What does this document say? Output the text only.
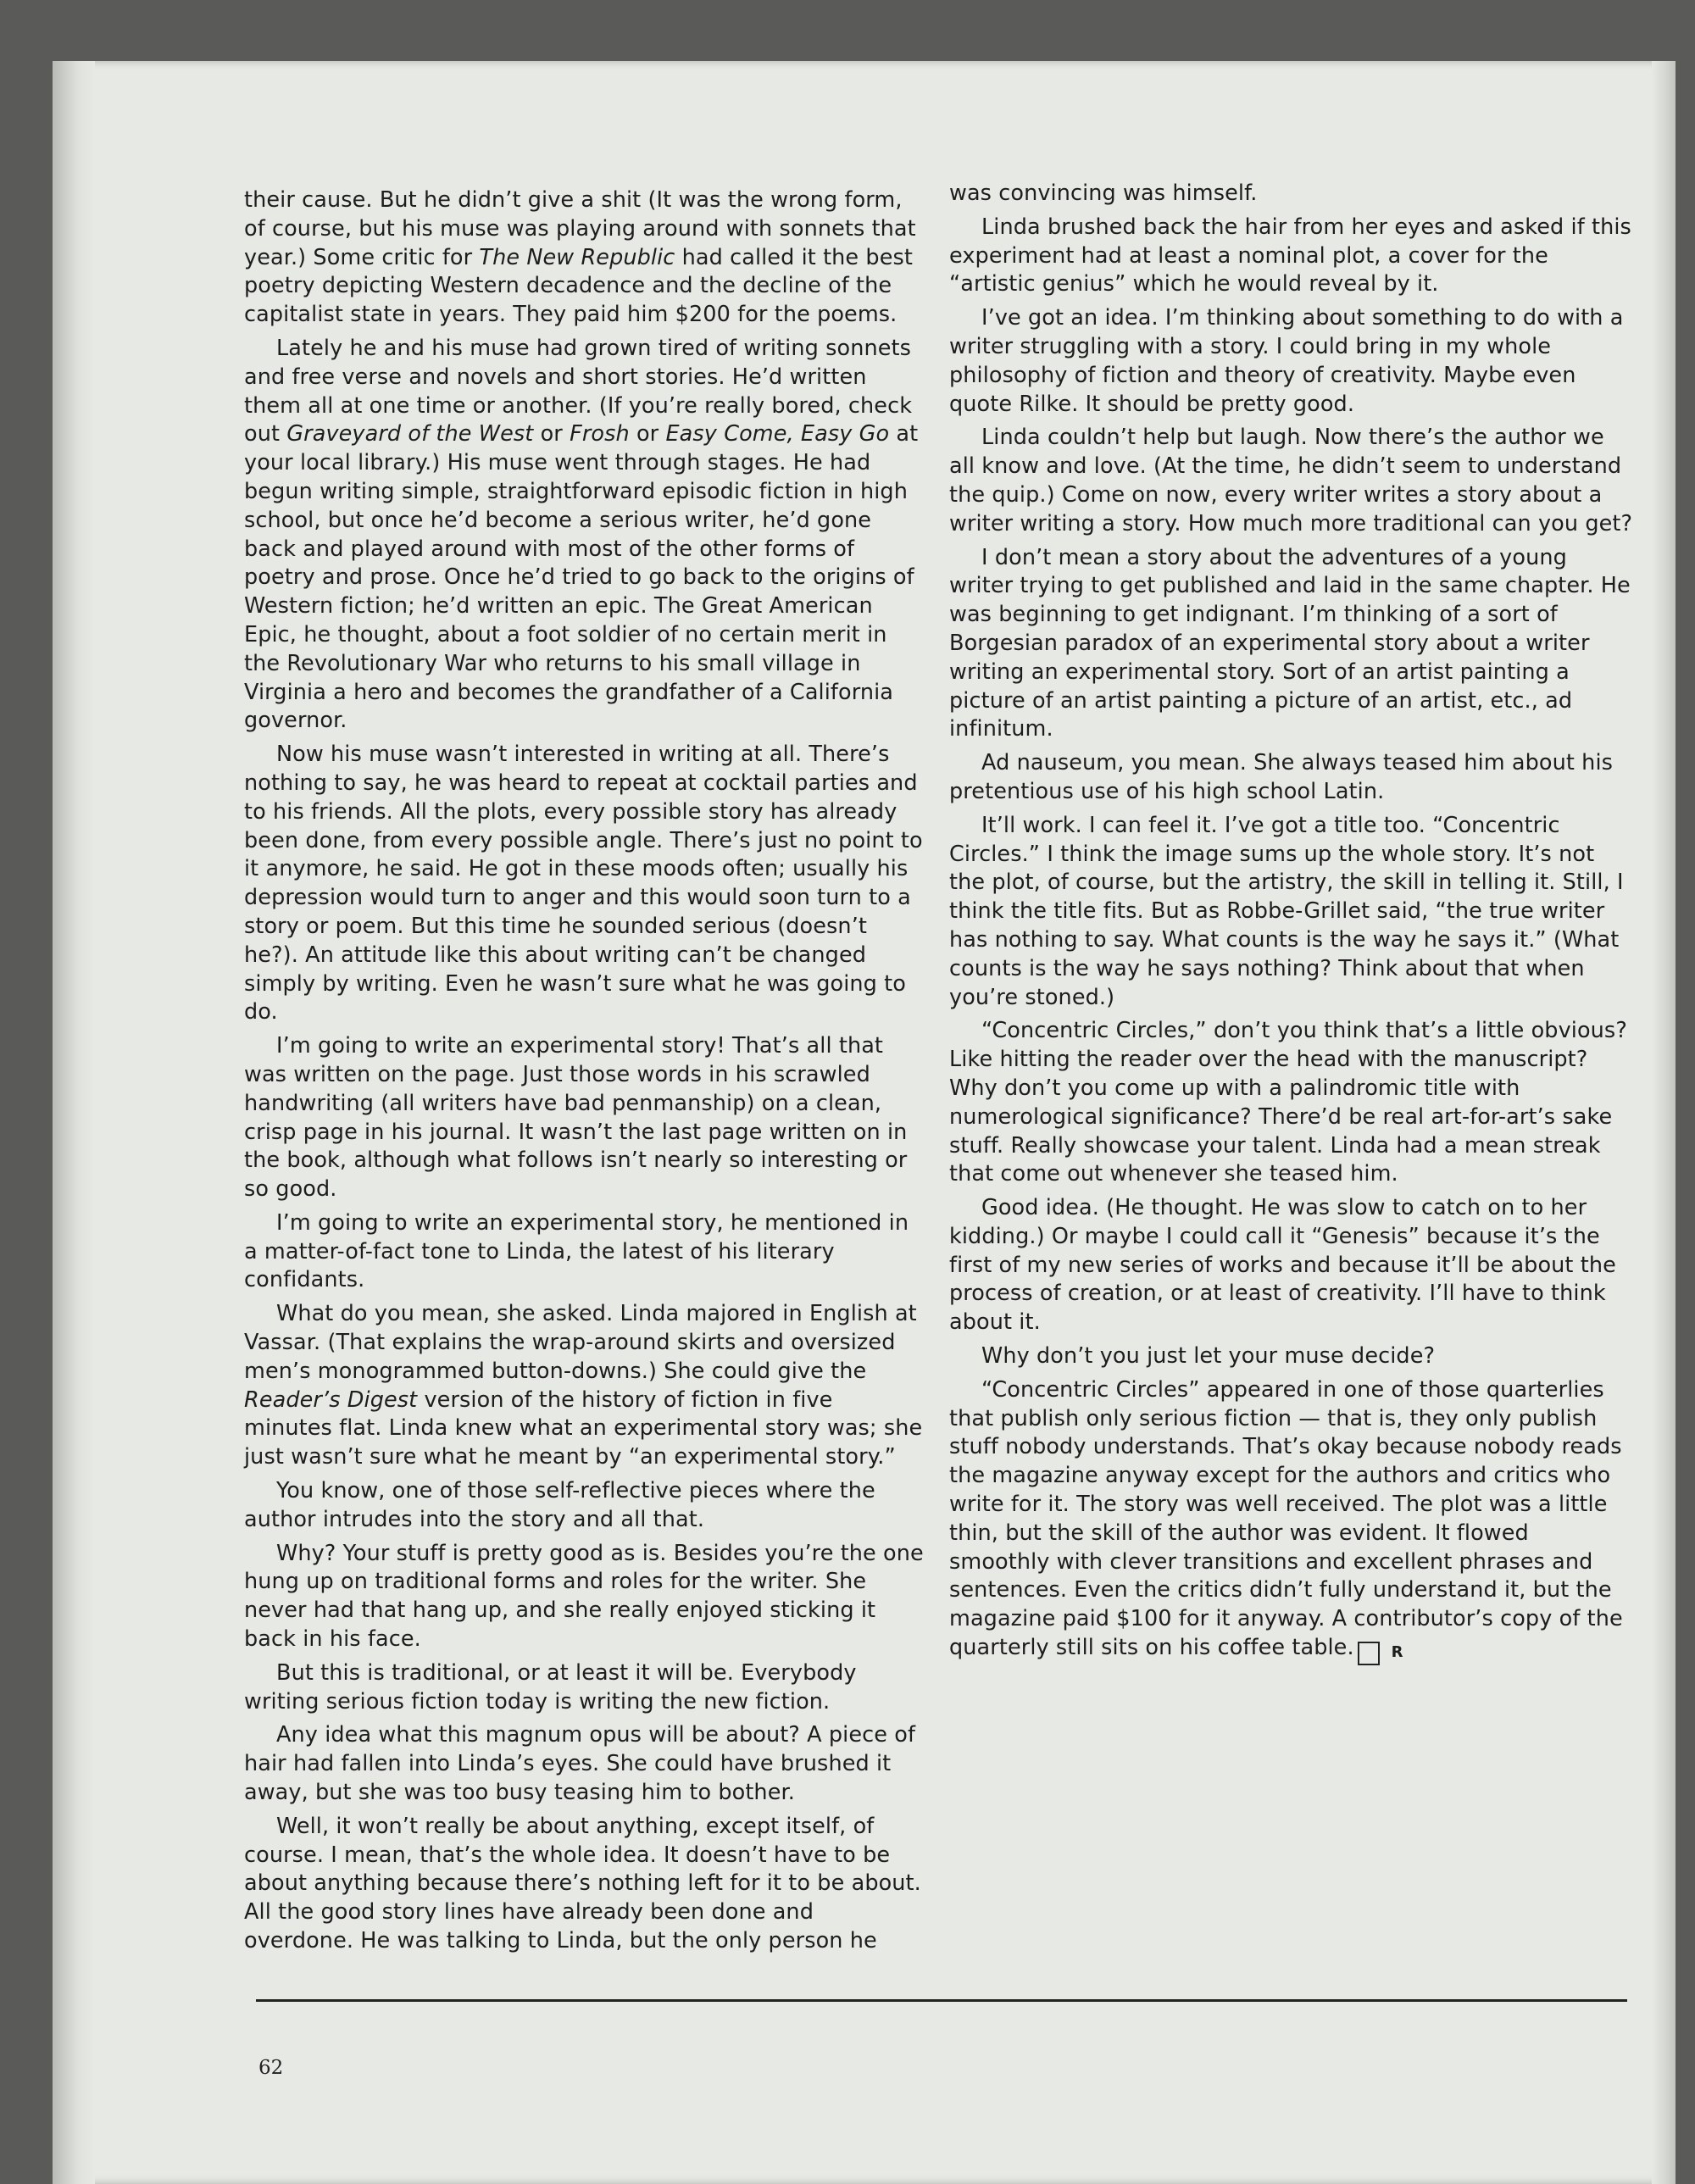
their cause. But he didn’t give a shit (It was the wrong form, of course, but his muse was playing around with sonnets that year.) Some critic for The New Republic had called it the best poetry depicting Western decadence and the decline of the capitalist state in years. They paid him $200 for the poems.

Lately he and his muse had grown tired of writing sonnets and free verse and novels and short stories. He’d written them all at one time or another. (If you’re really bored, check out Graveyard of the West or Frosh or Easy Come, Easy Go at your local library.) His muse went through stages. He had begun writing simple, straightforward episodic fiction in high school, but once he’d become a serious writer, he’d gone back and played around with most of the other forms of poetry and prose. Once he’d tried to go back to the origins of Western fiction; he’d written an epic. The Great American Epic, he thought, about a foot soldier of no certain merit in the Revolutionary War who returns to his small village in Virginia a hero and becomes the grandfather of a California governor.

Now his muse wasn’t interested in writing at all. There’s nothing to say, he was heard to repeat at cocktail parties and to his friends. All the plots, every possible story has already been done, from every possible angle. There’s just no point to it anymore, he said. He got in these moods often; usually his depression would turn to anger and this would soon turn to a story or poem. But this time he sounded serious (doesn’t he?). An attitude like this about writing can’t be changed simply by writing. Even he wasn’t sure what he was going to do.

I’m going to write an experimental story! That’s all that was written on the page. Just those words in his scrawled handwriting (all writers have bad penmanship) on a clean, crisp page in his journal. It wasn’t the last page written on in the book, although what follows isn’t nearly so interesting or so good.

I’m going to write an experimental story, he mentioned in a matter-of-fact tone to Linda, the latest of his literary confidants.

What do you mean, she asked. Linda majored in English at Vassar. (That explains the wrap-around skirts and oversized men’s monogrammed button-downs.) She could give the Reader’s Digest version of the history of fiction in five minutes flat. Linda knew what an experimental story was; she just wasn’t sure what he meant by “an experimental story.”

You know, one of those self-reflective pieces where the author intrudes into the story and all that.

Why? Your stuff is pretty good as is. Besides you’re the one hung up on traditional forms and roles for the writer. She never had that hang up, and she really enjoyed sticking it back in his face.

But this is traditional, or at least it will be. Everybody writing serious fiction today is writing the new fiction.

Any idea what this magnum opus will be about? A piece of hair had fallen into Linda’s eyes. She could have brushed it away, but she was too busy teasing him to bother.

Well, it won’t really be about anything, except itself, of course. I mean, that’s the whole idea. It doesn’t have to be about anything because there’s nothing left for it to be about. All the good story lines have already been done and overdone. He was talking to Linda, but the only person he

was convincing was himself.

Linda brushed back the hair from her eyes and asked if this experiment had at least a nominal plot, a cover for the “artistic genius” which he would reveal by it.

I’ve got an idea. I’m thinking about something to do with a writer struggling with a story. I could bring in my whole philosophy of fiction and theory of creativity. Maybe even quote Rilke. It should be pretty good.

Linda couldn’t help but laugh. Now there’s the author we all know and love. (At the time, he didn’t seem to understand the quip.) Come on now, every writer writes a story about a writer writing a story. How much more traditional can you get?

I don’t mean a story about the adventures of a young writer trying to get published and laid in the same chapter. He was beginning to get indignant. I’m thinking of a sort of Borgesian paradox of an experimental story about a writer writing an experimental story. Sort of an artist painting a picture of an artist painting a picture of an artist, etc., ad infinitum.

Ad nauseum, you mean. She always teased him about his pretentious use of his high school Latin.

It’ll work. I can feel it. I’ve got a title too. “Concentric Circles.” I think the image sums up the whole story. It’s not the plot, of course, but the artistry, the skill in telling it. Still, I think the title fits. But as Robbe-Grillet said, “the true writer has nothing to say. What counts is the way he says it.” (What counts is the way he says nothing? Think about that when you’re stoned.)

“Concentric Circles,” don’t you think that’s a little obvious? Like hitting the reader over the head with the manuscript? Why don’t you come up with a palindromic title with numerological significance? There’d be real art-for-art’s sake stuff. Really showcase your talent. Linda had a mean streak that come out whenever she teased him.

Good idea. (He thought. He was slow to catch on to her kidding.) Or maybe I could call it “Genesis” because it’s the first of my new series of works and because it’ll be about the process of creation, or at least of creativity. I’ll have to think about it.

Why don’t you just let your muse decide?

“Concentric Circles” appeared in one of those quarterlies that publish only serious fiction — that is, they only publish stuff nobody understands. That’s okay because nobody reads the magazine anyway except for the authors and critics who write for it. The story was well received. The plot was a little thin, but the skill of the author was evident. It flowed smoothly with clever transitions and excellent phrases and sentences. Even the critics didn’t fully understand it, but the magazine paid $100 for it anyway. A contributor’s copy of the quarterly still sits on his coffee table. R

62
